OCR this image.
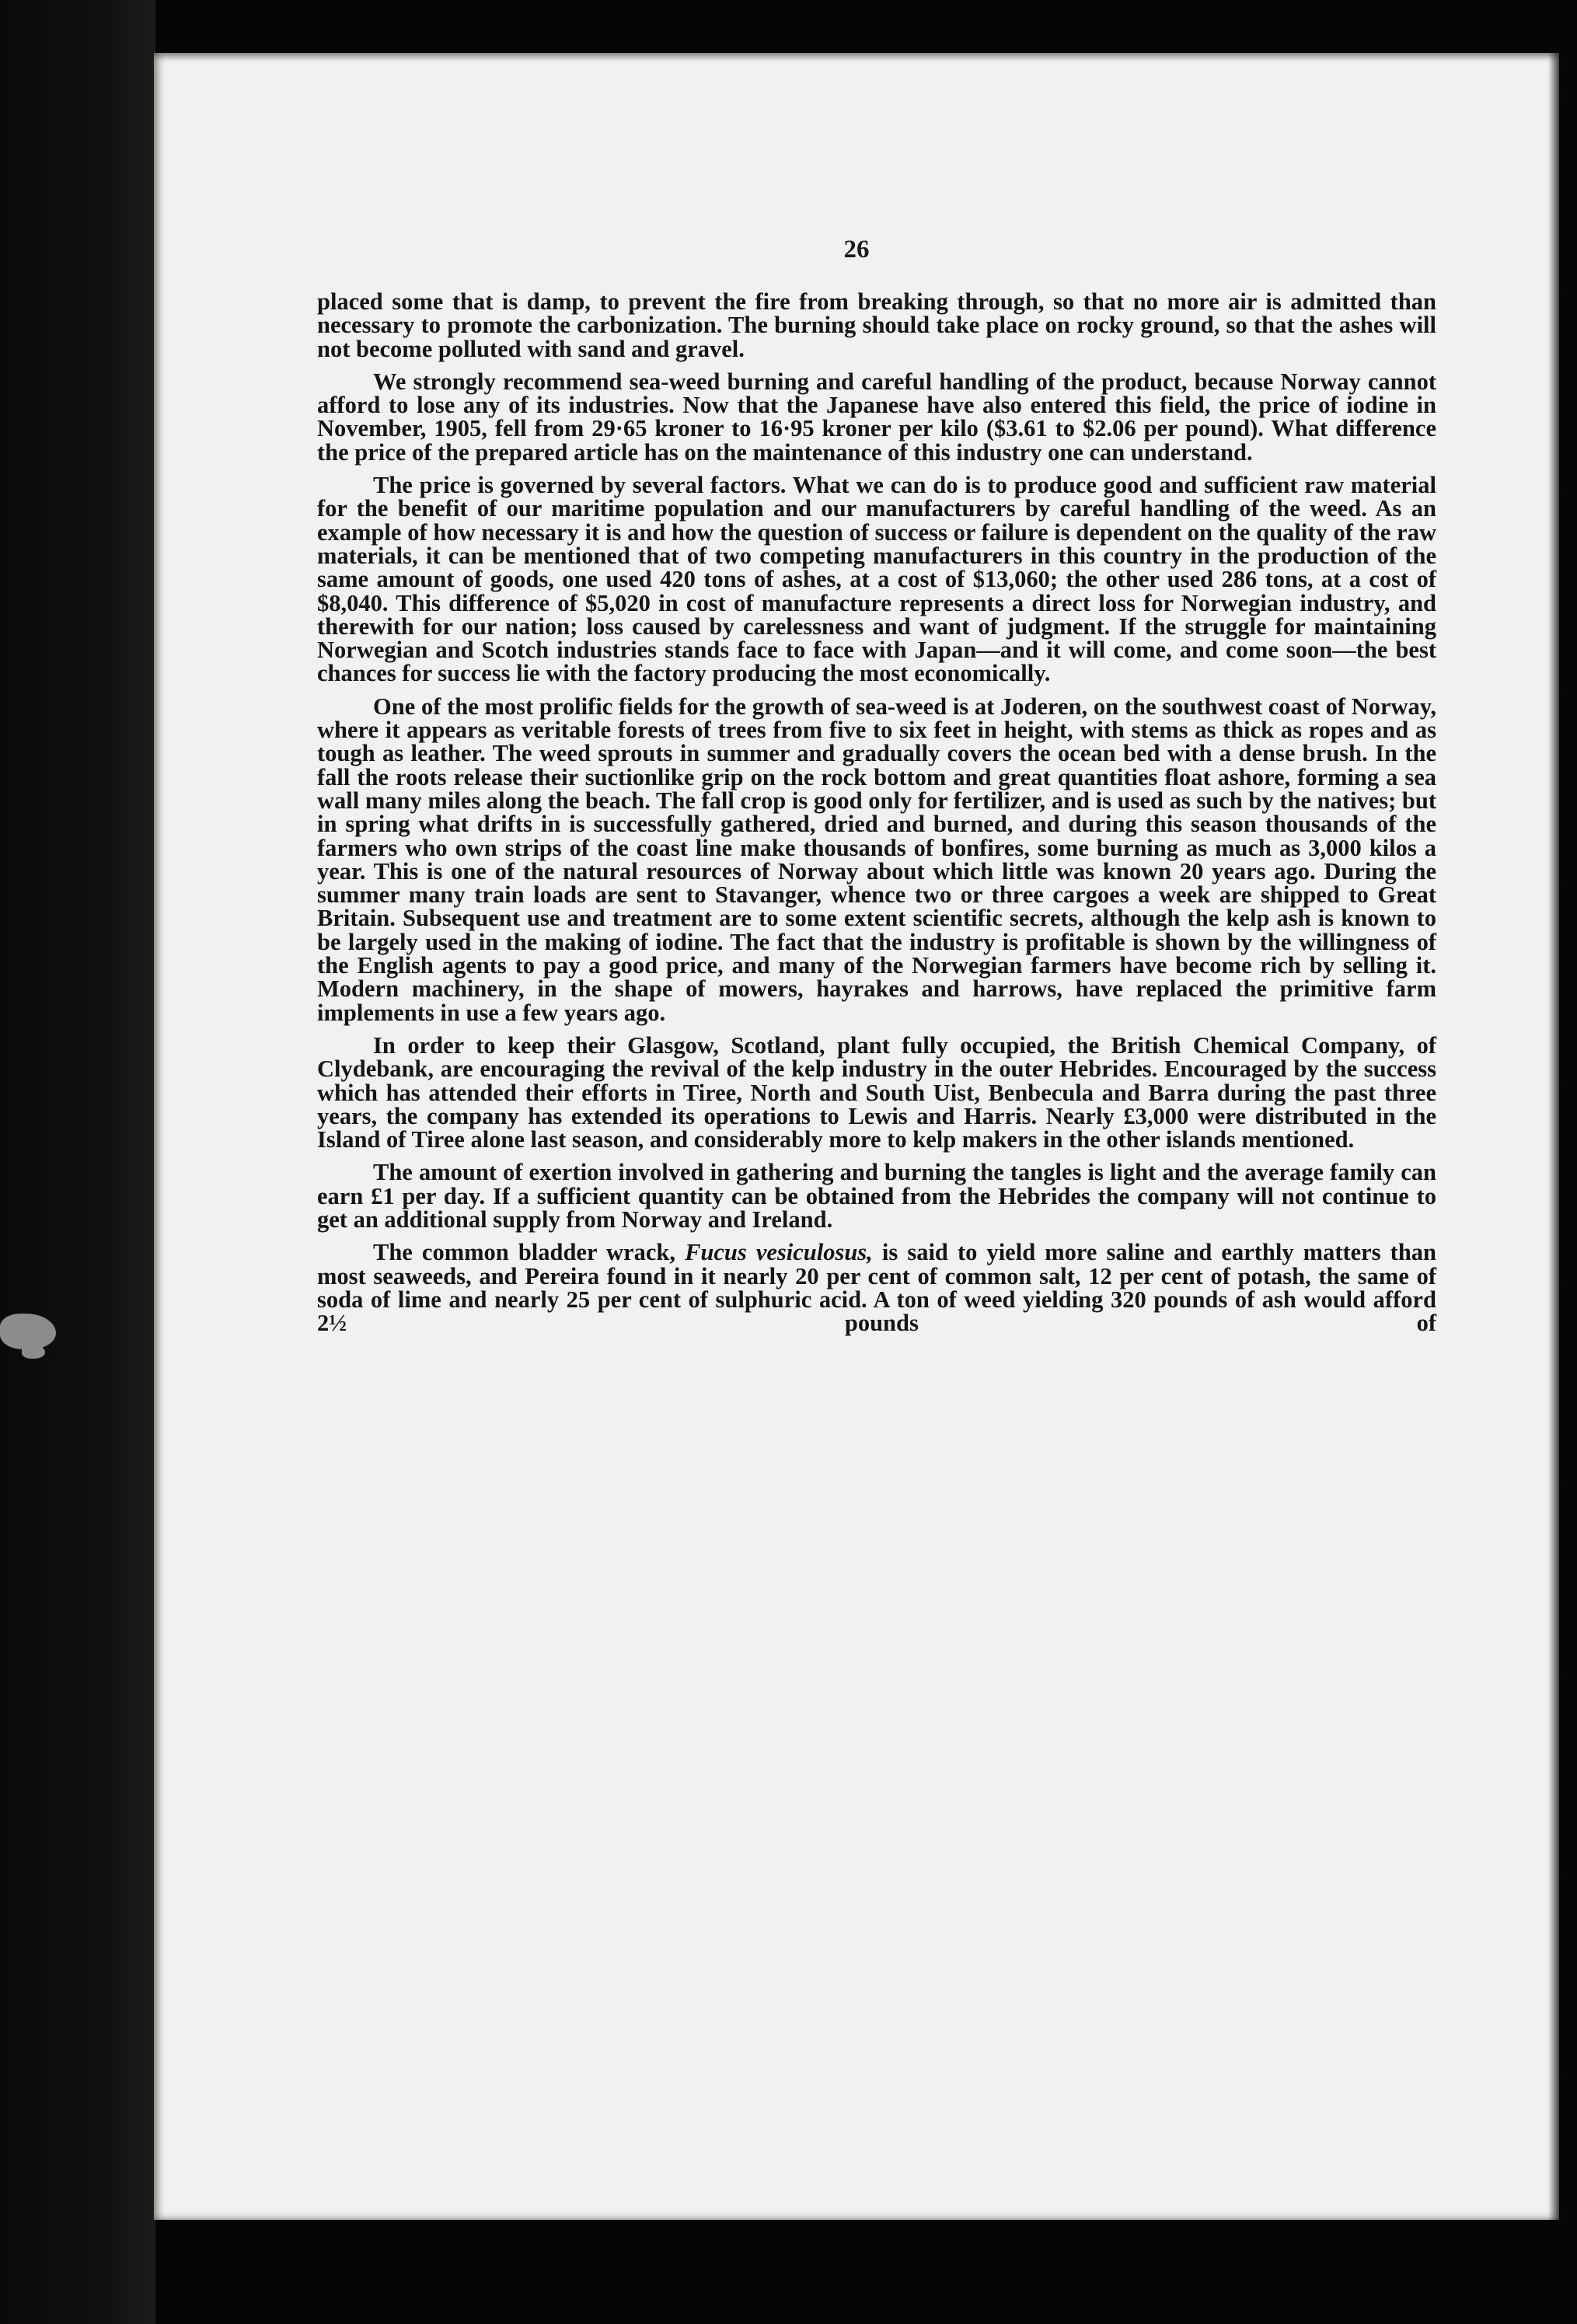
26

placed some that is damp, to prevent the fire from breaking through, so that no more air is admitted than necessary to promote the carbonization. The burning should take place on rocky ground, so that the ashes will not become polluted with sand and gravel.

We strongly recommend sea-weed burning and careful handling of the product, because Norway cannot afford to lose any of its industries. Now that the Japanese have also entered this field, the price of iodine in November, 1905, fell from 29·65 kroner to 16·95 kroner per kilo ($3.61 to $2.06 per pound). What difference the price of the prepared article has on the maintenance of this industry one can understand.

The price is governed by several factors. What we can do is to produce good and sufficient raw material for the benefit of our maritime population and our manufacturers by careful handling of the weed. As an example of how necessary it is and how the question of success or failure is dependent on the quality of the raw materials, it can be mentioned that of two competing manufacturers in this country in the production of the same amount of goods, one used 420 tons of ashes, at a cost of $13,060; the other used 286 tons, at a cost of $8,040. This difference of $5,020 in cost of manufacture represents a direct loss for Norwegian industry, and therewith for our nation; loss caused by carelessness and want of judgment. If the struggle for maintaining Norwegian and Scotch industries stands face to face with Japan—and it will come, and come soon—the best chances for success lie with the factory producing the most economically.

One of the most prolific fields for the growth of sea-weed is at Joderen, on the southwest coast of Norway, where it appears as veritable forests of trees from five to six feet in height, with stems as thick as ropes and as tough as leather. The weed sprouts in summer and gradually covers the ocean bed with a dense brush. In the fall the roots release their suctionlike grip on the rock bottom and great quantities float ashore, forming a sea wall many miles along the beach. The fall crop is good only for fertilizer, and is used as such by the natives; but in spring what drifts in is successfully gathered, dried and burned, and during this season thousands of the farmers who own strips of the coast line make thousands of bonfires, some burning as much as 3,000 kilos a year. This is one of the natural resources of Norway about which little was known 20 years ago. During the summer many train loads are sent to Stavanger, whence two or three cargoes a week are shipped to Great Britain. Subsequent use and treatment are to some extent scientific secrets, although the kelp ash is known to be largely used in the making of iodine. The fact that the industry is profitable is shown by the willingness of the English agents to pay a good price, and many of the Norwegian farmers have become rich by selling it. Modern machinery, in the shape of mowers, hayrakes and harrows, have replaced the primitive farm implements in use a few years ago.

In order to keep their Glasgow, Scotland, plant fully occupied, the British Chemical Company, of Clydebank, are encouraging the revival of the kelp industry in the outer Hebrides. Encouraged by the success which has attended their efforts in Tiree, North and South Uist, Benbecula and Barra during the past three years, the company has extended its operations to Lewis and Harris. Nearly £3,000 were distributed in the Island of Tiree alone last season, and considerably more to kelp makers in the other islands mentioned.

The amount of exertion involved in gathering and burning the tangles is light and the average family can earn £1 per day. If a sufficient quantity can be obtained from the Hebrides the company will not continue to get an additional supply from Norway and Ireland.

The common bladder wrack, Fucus vesiculosus, is said to yield more saline and earthly matters than most seaweeds, and Pereira found in it nearly 20 per cent of common salt, 12 per cent of potash, the same of soda of lime and nearly 25 per cent of sulphuric acid. A ton of weed yielding 320 pounds of ash would afford 2½ pounds of
